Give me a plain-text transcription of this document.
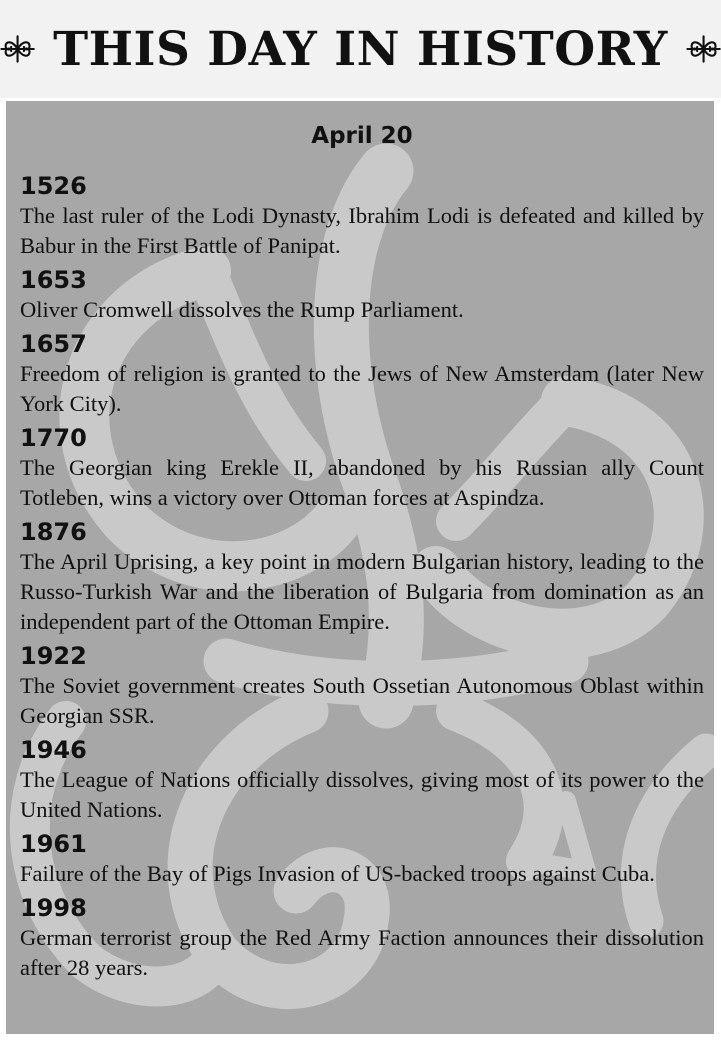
THIS DAY IN HISTORY
April 20
1526
The last ruler of the Lodi Dynasty, Ibrahim Lodi is defeated and killed by Babur in the First Battle of Panipat.
1653
Oliver Cromwell dissolves the Rump Parliament.
1657
Freedom of religion is granted to the Jews of New Amsterdam (later New York City).
1770
The Georgian king Erekle II, abandoned by his Russian ally Count Totleben, wins a victory over Ottoman forces at Aspindza.
1876
The April Uprising, a key point in modern Bulgarian history, leading to the Russo-Turkish War and the liberation of Bulgaria from domination as an independent part of the Ottoman Empire.
1922
The Soviet government creates South Ossetian Autonomous Oblast within Georgian SSR.
1946
The League of Nations officially dissolves, giving most of its power to the United Nations.
1961
Failure of the Bay of Pigs Invasion of US-backed troops against Cuba.
1998
German terrorist group the Red Army Faction announces their dissolution after 28 years.
